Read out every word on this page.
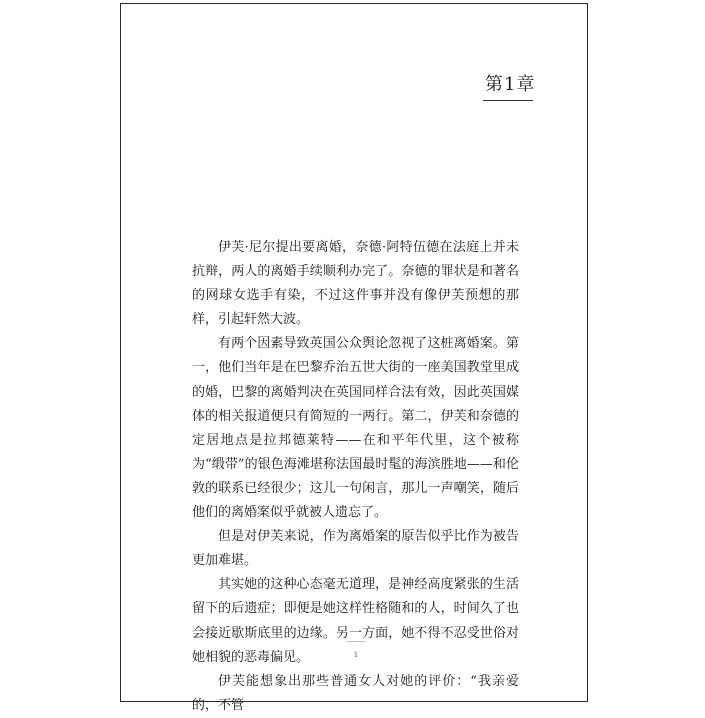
第1章

伊芙·尼尔提出要离婚，奈德·阿特伍德在法庭上并未抗辩，两人的离婚手续顺利办完了。奈德的罪状是和著名的网球女选手有染，不过这件事并没有像伊芙预想的那样，引起轩然大波。

有两个因素导致英国公众舆论忽视了这桩离婚案。第一，他们当年是在巴黎乔治五世大街的一座美国教堂里成的婚，巴黎的离婚判决在英国同样合法有效，因此英国媒体的相关报道便只有简短的一两行。第二，伊芙和奈德的定居地点是拉邦德莱特——在和平年代里，这个被称为“缎带”的银色海滩堪称法国最时髦的海滨胜地——和伦敦的联系已经很少；这儿一句闲言，那儿一声嘲笑，随后他们的离婚案似乎就被人遗忘了。

但是对伊芙来说，作为离婚案的原告似乎比作为被告更加难堪。

其实她的这种心态毫无道理，是神经高度紧张的生活留下的后遗症；即便是她这样性格随和的人，时间久了也会接近歇斯底里的边缘。另一方面，她不得不忍受世俗对她相貌的恶毒偏见。

伊芙能想象出那些普通女人对她的评价：“我亲爱的，不管

1
